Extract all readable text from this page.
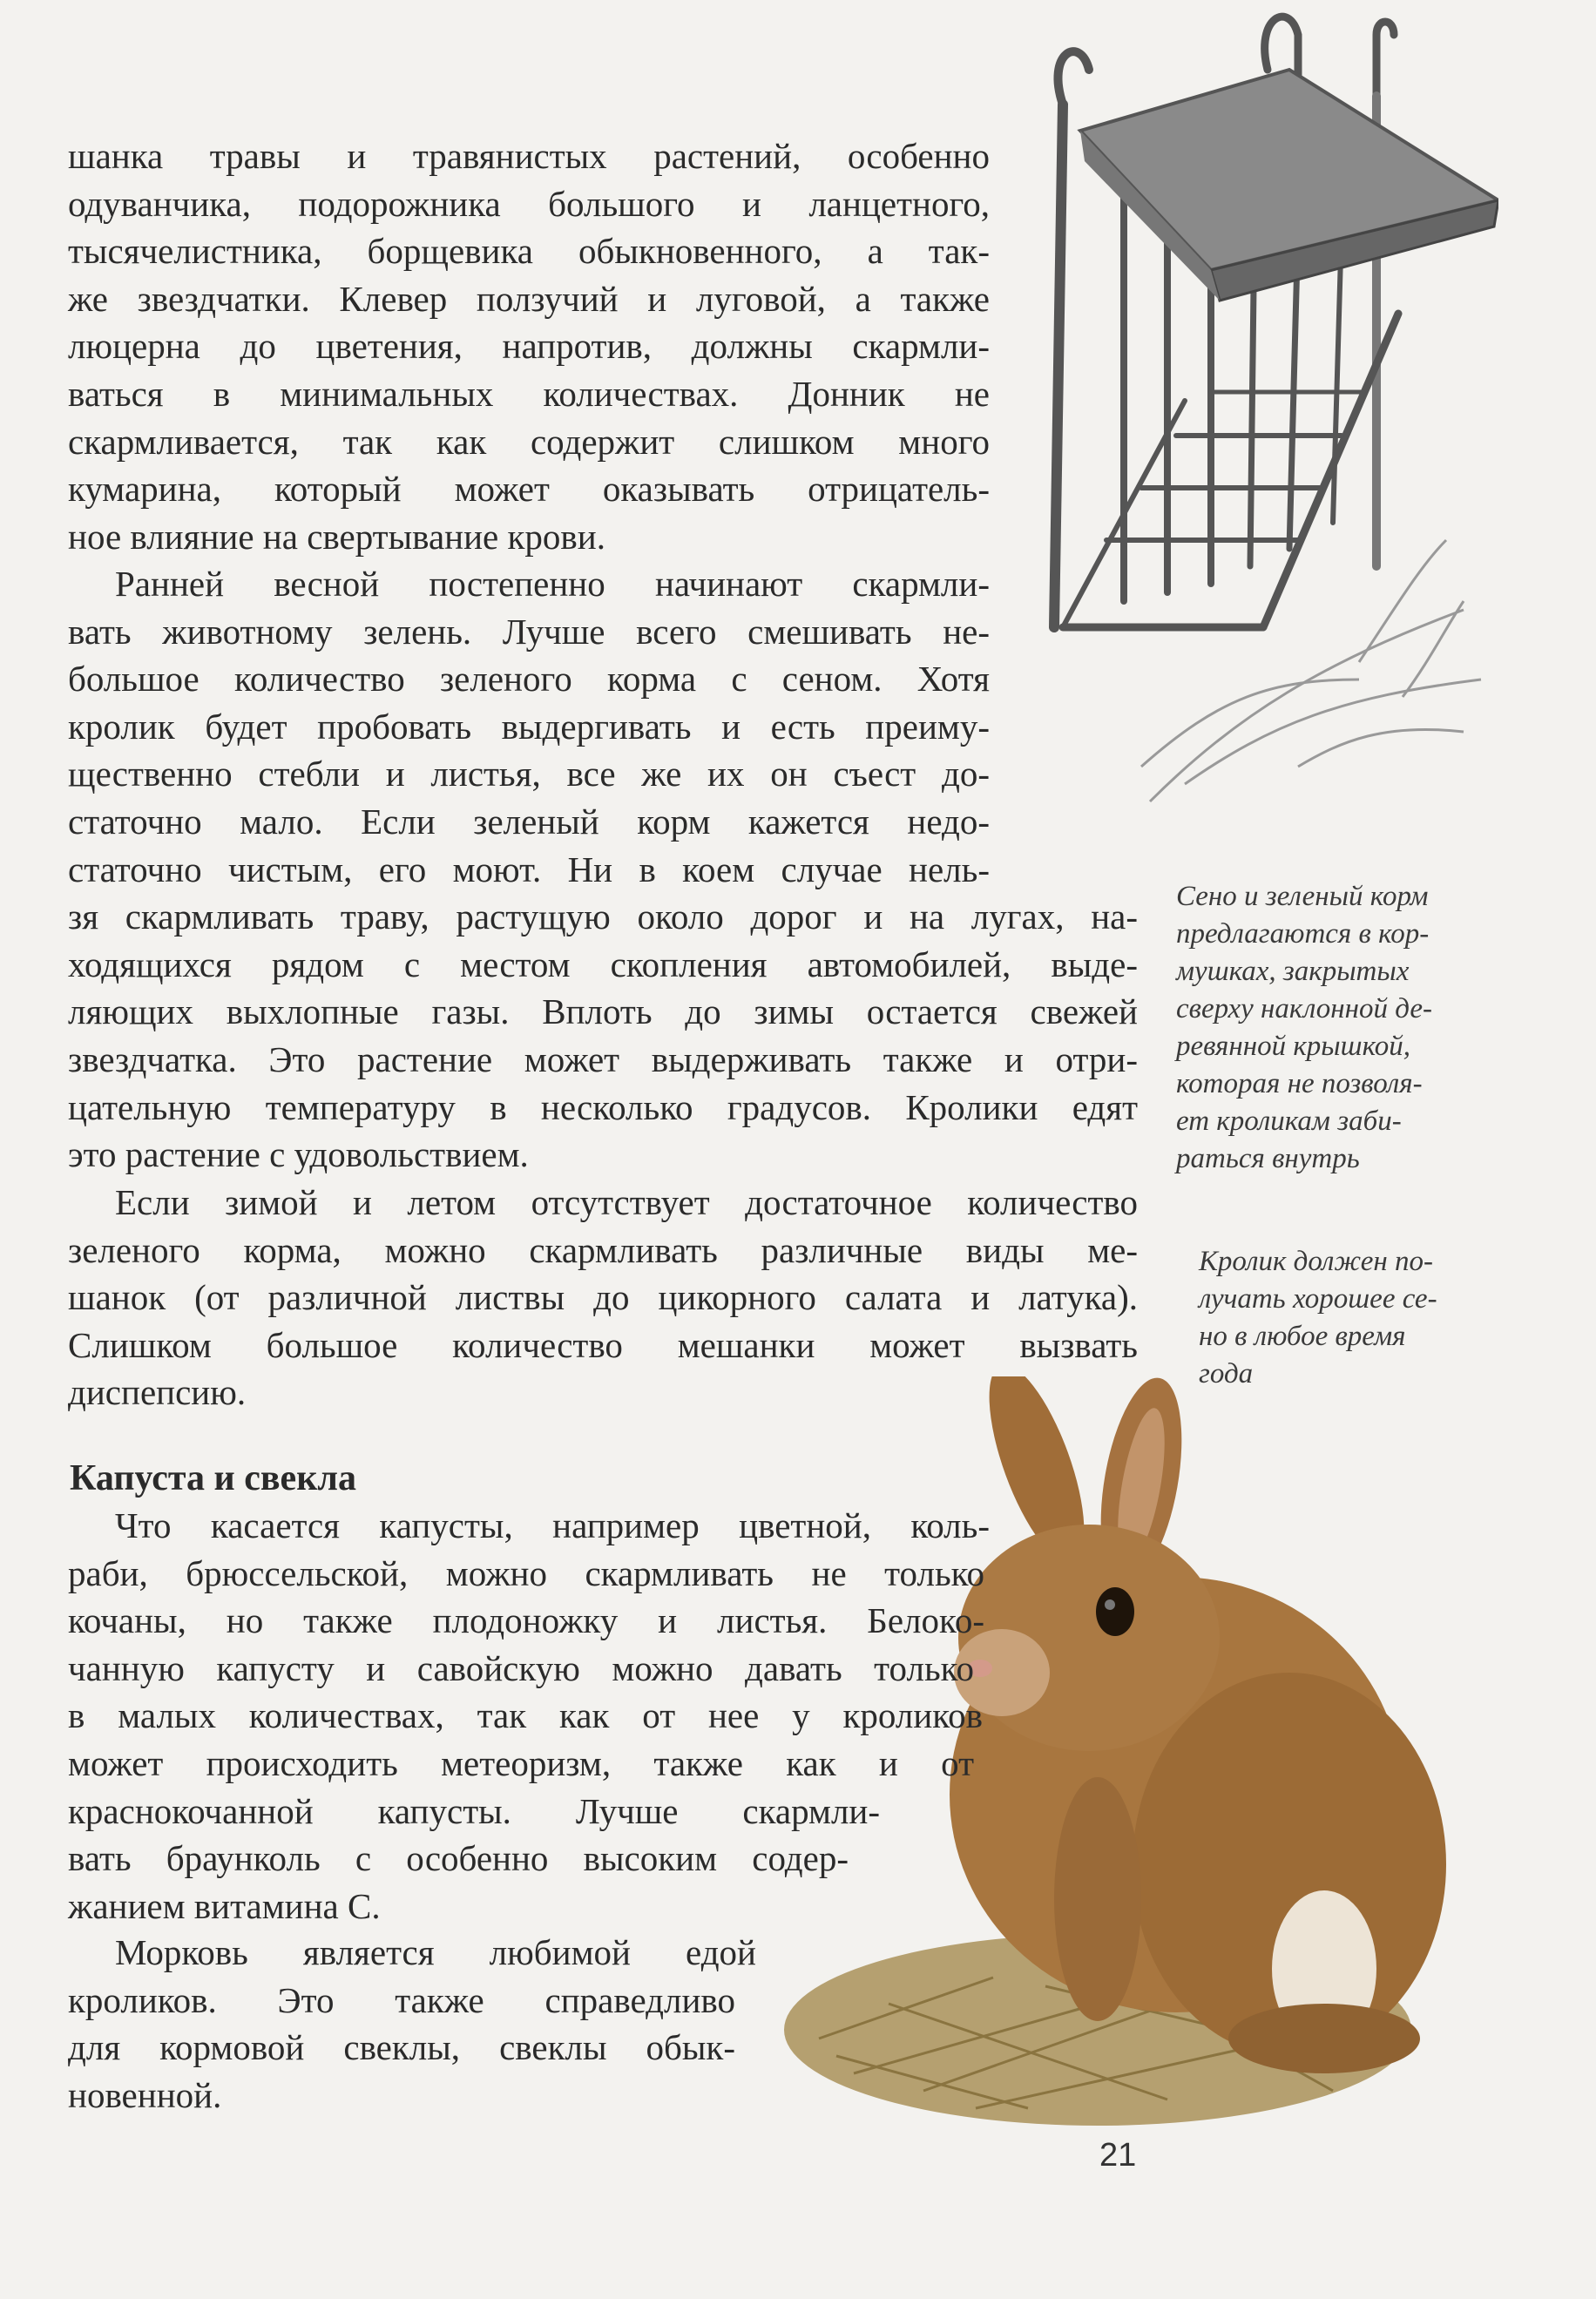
шанка травы и травянистых растений, особенно
одуванчика, подорожника большого и ланцетного,
тысячелистника, борщевика обыкновенного, а так-
же звездчатки. Клевер ползучий и луговой, а также
люцерна до цветения, напротив, должны скармли-
ваться в минимальных количествах. Донник не
скармливается, так как содержит слишком много
кумарина, который может оказывать отрицатель-
ное влияние на свертывание крови.
Ранней весной постепенно начинают скармли-
вать животному зелень. Лучше всего смешивать не-
большое количество зеленого корма с сеном. Хотя
кролик будет пробовать выдергивать и есть преиму-
щественно стебли и листья, все же их он съест до-
статочно мало. Если зеленый корм кажется недо-
статочно чистым, его моют. Ни в коем случае нель-
зя скармливать траву, растущую около дорог и на лугах, на-
ходящихся рядом с местом скопления автомобилей, выде-
ляющих выхлопные газы. Вплоть до зимы остается свежей
звездчатка. Это растение может выдерживать также и отри-
цательную температуру в несколько градусов. Кролики едят
это растение с удовольствием.
Если зимой и летом отсутствует достаточное количество
зеленого корма, можно скармливать различные виды ме-
шанок (от различной листвы до цикорного салата и латука).
Слишком большое количество мешанки может вызвать
диспепсию.
Капуста и свекла
Что касается капусты, например цветной, коль-
раби, брюссельской, можно скармливать не только
кочаны, но также плодоножку и листья. Белоко-
чанную капусту и савойскую можно давать только
в малых количествах, так как от нее у кроликов
может происходить метеоризм, также как и от
краснокочанной капусты. Лучше скармли-
вать браунколь с особенно высоким содер-
жанием витамина С.
Морковь является любимой едой
кроликов. Это также справедливо
для кормовой свеклы, свеклы обык-
новенной.
Сено и зеленый корм
предлагаются в кор-
мушках, закрытых
сверху наклонной де-
ревянной крышкой,
которая не позволя-
ет кроликам заби-
раться внутрь
Кролик должен по-
лучать хорошее се-
но в любое время
года
21
